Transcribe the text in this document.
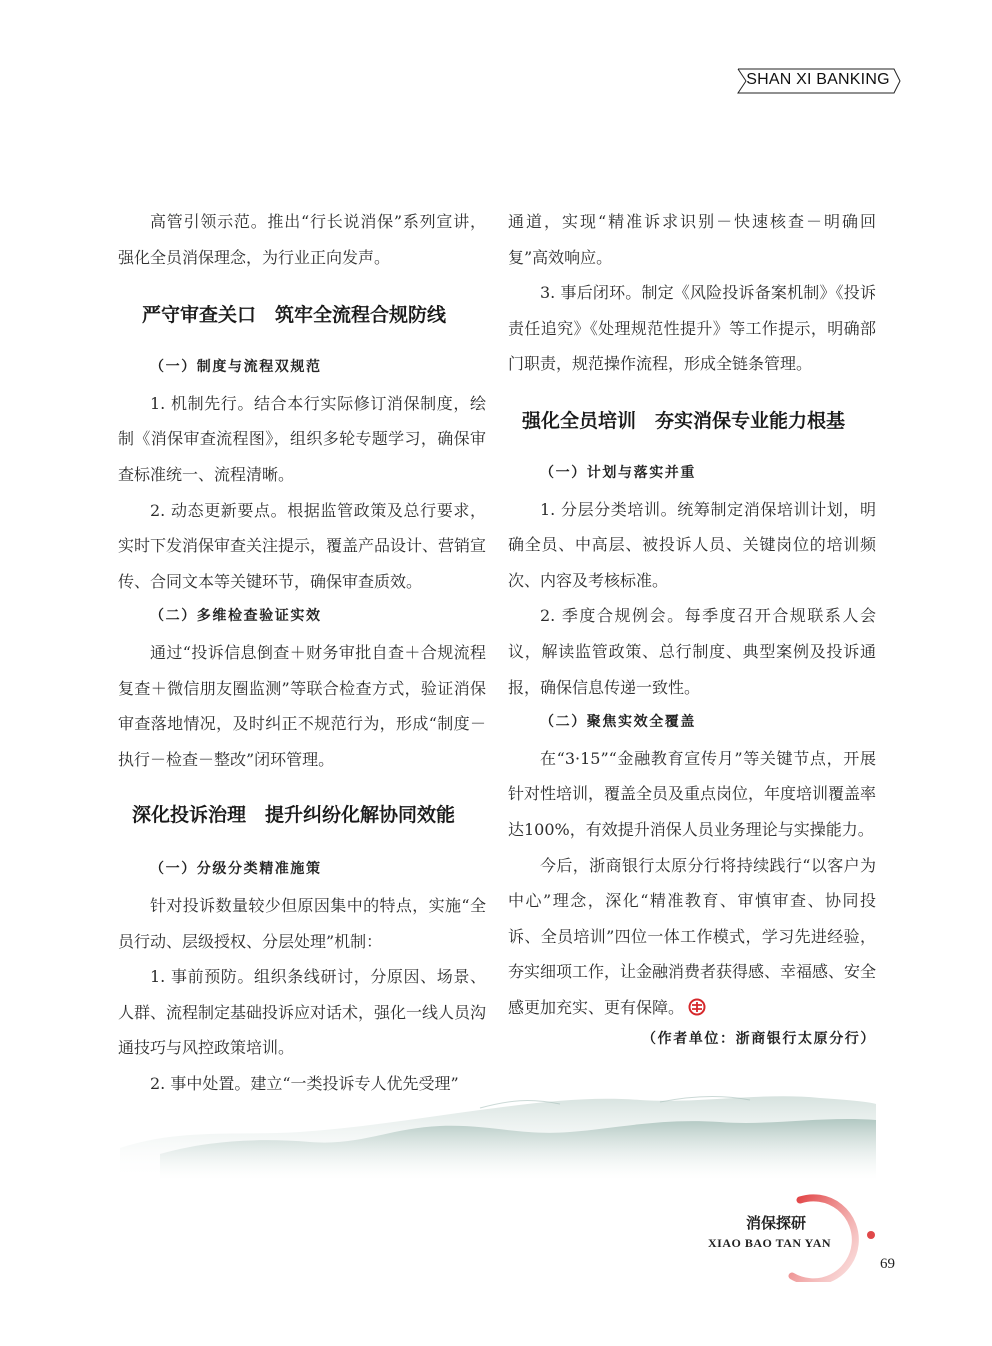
SHAN XI BANKING

高管引领示范。推出“行长说消保”系列宣讲，强化全员消保理念，为行业正向发声。

严守审查关口　筑牢全流程合规防线

（一）制度与流程双规范

1. 机制先行。结合本行实际修订消保制度，绘制《消保审查流程图》，组织多轮专题学习，确保审查标准统一、流程清晰。

2. 动态更新要点。根据监管政策及总行要求，实时下发消保审查关注提示，覆盖产品设计、营销宣传、合同文本等关键环节，确保审查质效。

（二）多维检查验证实效

通过“投诉信息倒查＋财务审批自查＋合规流程复查＋微信朋友圈监测”等联合检查方式，验证消保审查落地情况，及时纠正不规范行为，形成“制度－执行－检查－整改”闭环管理。

深化投诉治理　提升纠纷化解协同效能

（一）分级分类精准施策

针对投诉数量较少但原因集中的特点，实施“全员行动、层级授权、分层处理”机制：

1. 事前预防。组织条线研讨，分原因、场景、人群、流程制定基础投诉应对话术，强化一线人员沟通技巧与风控政策培训。

2. 事中处置。建立“一类投诉专人优先受理”

通道，实现“精准诉求识别－快速核查－明确回复”高效响应。

3. 事后闭环。制定《风险投诉备案机制》《投诉责任追究》《处理规范性提升》等工作提示，明确部门职责，规范操作流程，形成全链条管理。

强化全员培训　夯实消保专业能力根基

（一）计划与落实并重

1. 分层分类培训。统筹制定消保培训计划，明确全员、中高层、被投诉人员、关键岗位的培训频次、内容及考核标准。

2. 季度合规例会。每季度召开合规联系人会议，解读监管政策、总行制度、典型案例及投诉通报，确保信息传递一致性。

（二）聚焦实效全覆盖

在“3·15”“金融教育宣传月”等关键节点，开展针对性培训，覆盖全员及重点岗位，年度培训覆盖率达100%，有效提升消保人员业务理论与实操能力。

今后，浙商银行太原分行将持续践行“以客户为中心”理念，深化“精准教育、审慎审查、协同投诉、全员培训”四位一体工作模式，学习先进经验，夯实细项工作，让金融消费者获得感、幸福感、安全感更加充实、更有保障。

（作者单位：浙商银行太原分行）

消保探研
XIAO BAO TAN YAN
69
